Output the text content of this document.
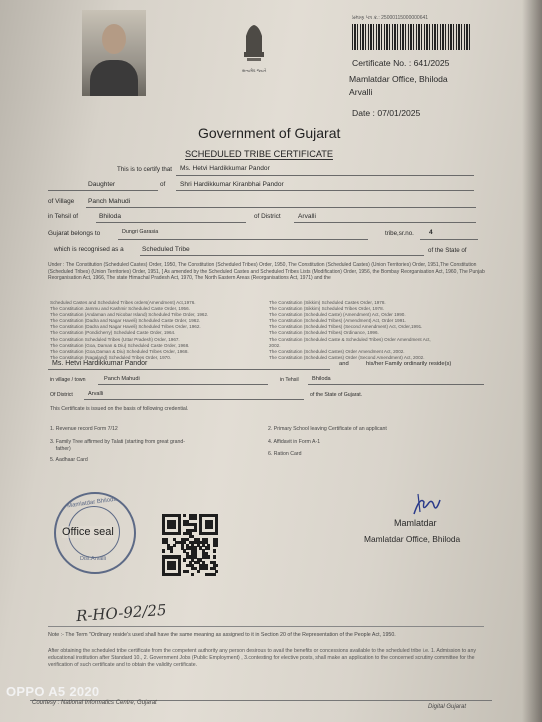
સત્યમેવ જયતે
પ્રમાણ પત્ર ક્ર.: 25000115000000641
Certificate No. : 641/2025
Mamlatdar Office, Bhiloda
Arvalli
Date : 07/01/2025
Government of Gujarat
SCHEDULED TRIBE CERTIFICATE
This is to certify that Ms. Hetvi Hardikkumar Pandor
Daughter	of Shri Hardikkumar Kiranbhai Pandor
of Village Panch Mahudi
in Tehsil of	Bhiloda	of District	Arvalli
Gujarat belongs to	Dungri Garasia	tribe,sr.no. 4
which is recognised as a	Scheduled Tribe	of the State of
Under : The Constitution (Scheduled Castes) Order, 1950, The Constitution (Scheduled Tribes) Order, 1950, The Constitution (Scheduled Castes) (Union Territories) Order, 1951,The Constitution (Scheduled Tribes) (Union Territories) Order, 1951, [ As amended by the Scheduled Castes and Scheduled Tribes Lists (Modification) Order, 1956, the Bombay Reorganisation Act, 1960, The Punjab Reorganisation Act, 1966, The state Himachal Pradesh Act, 1970, The North Eastern Areas (Reorganisations Act, 1971) and the
Scheduled Castes and Scheduled Tribes orders(Amendment) Act,1976.
The Constitution Jammu and Kashmir Scheduled Caste Order, 1956.
The Constitution (Andaman and Nicobar Island) Scheduled Tribe Order, 1962.
The Constitution (Dadra and Nagar Haveli) Scheduled Caste Order, 1962.
The Constitution (Dadra and Nagar Haveli) Scheduled Tribes Order, 1962.
The Constitution (Pondicherry) Scheduled Caste Order, 1964.
The Constitution Scheduled Tribes (Uttar Pradesh) Order, 1967.
The Constitution (Goa, Daman & Diu) Scheduled Caste Order, 1968.
The Constitution (Goa,Daman & Diu) Scheduled Tribes Order, 1968.
The Constitution (Nagaland) Scheduled Tribes Order, 1970.
The Constitution (Sikkim) Scheduled Castes Order, 1978.
The Constitution (Sikkim) Scheduled Tribes Order, 1978.
The Constitution (Scheduled Caste) (Amendment) Act, Order 1990.
The Constitution (Scheduled Tribes) (Amendment) Act, Order 1991.
The Constitution (Scheduled Tribes) (Second Amendment) Act, Order,1991.
The Constitution (Scheduled Tribes) Ordinance, 1996.
The Constitution (Scheduled Caste & Scheduled Tribes) Order Amendment Act,
2002.
The Constitution (Scheduled Castes) Order Amendment Act, 2002.
The Constitution (Scheduled Castes) Order (Second Amendment) Act, 2002.
Ms. Hetvi Hardikkumar Pandor	and	his/her Family ordinarily reside(s)
in village / town	Panch Mahudi	in Tehsil Bhiloda
Of District	Arvalli	of the State of Gujarat.
This Certificate is issued on the basis of following credential.
1. Revenue record Form 7/12
3. Family Tree affirmed by Talati (starting from great grand-
father)
5. Aadhaar Card
2. Primary School leaving Certificate of an applicant
4. Affidavit in Form A-1
6. Ration Card
Mamlatdar Bhiloda
Dist.Arvalli
Office seal
Mamlatdar
Mamlatdar Office, Bhiloda
R-HO-92/25
Note :- The Term "Ordinary reside's used shall have the same meaning as assigned to it in Section 20 of the Representation of the People Act, 1950.
After obtaining the scheduled tribe certificate from the competent authority any person desirous to avail the benefits or concessions available to the scheduled tribe i.e. 1. Admission to any educational institution after Standard 10., 2. Government Jobs (Public Employment) , 3.contesting for elective posts, shall make an application to the concerned scrutiny committee for the verification of such certificate and to obtain the validity certificate.
Courtesy : National Informatics Centre, Gujarat
Digital Gujarat
OPPO A5 2020
